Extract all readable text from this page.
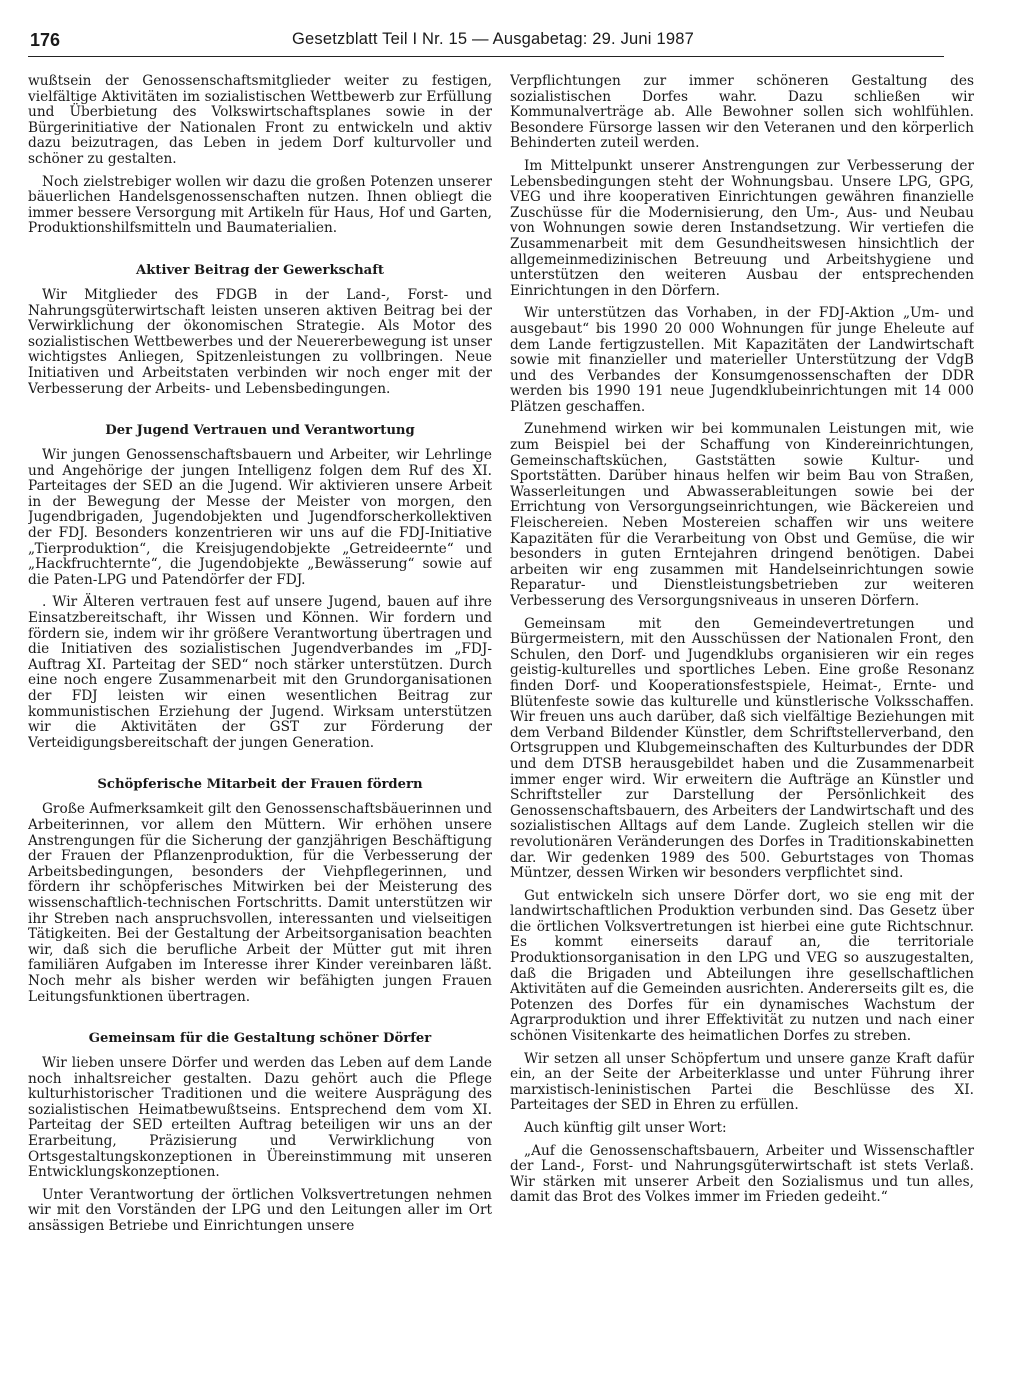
176	Gesetzblatt Teil I Nr. 15 — Ausgabetag: 29. Juni 1987

wußtsein der Genossenschaftsmitglieder weiter zu festigen, vielfältige Aktivitäten im sozialistischen Wettbewerb zur Erfüllung und Überbietung des Volkswirtschaftsplanes sowie in der Bürgerinitiative der Nationalen Front zu entwickeln und aktiv dazu beizutragen, das Leben in jedem Dorf kulturvoller und schöner zu gestalten.

Noch zielstrebiger wollen wir dazu die großen Potenzen unserer bäuerlichen Handelsgenossenschaften nutzen. Ihnen obliegt die immer bessere Versorgung mit Artikeln für Haus, Hof und Garten, Produktionshilfsmitteln und Baumaterialien.

Aktiver Beitrag der Gewerkschaft

Wir Mitglieder des FDGB in der Land-, Forst- und Nahrungsgüterwirtschaft leisten unseren aktiven Beitrag bei der Verwirklichung der ökonomischen Strategie. Als Motor des sozialistischen Wettbewerbes und der Neuererbewegung ist unser wichtigstes Anliegen, Spitzenleistungen zu vollbringen. Neue Initiativen und Arbeitstaten verbinden wir noch enger mit der Verbesserung der Arbeits- und Lebensbedingungen.

Der Jugend Vertrauen und Verantwortung

Wir jungen Genossenschaftsbauern und Arbeiter, wir Lehrlinge und Angehörige der jungen Intelligenz folgen dem Ruf des XI. Parteitages der SED an die Jugend. Wir aktivieren unsere Arbeit in der Bewegung der Messe der Meister von morgen, den Jugendbrigaden, Jugendobjekten und Jugendforscherkollektiven der FDJ. Besonders konzentrieren wir uns auf die FDJ-Initiative „Tierproduktion“, die Kreisjugendobjekte „Getreideernte“ und „Hackfruchternte“, die Jugendobjekte „Bewässerung“ sowie auf die Paten-LPG und Patendörfer der FDJ.

. Wir Älteren vertrauen fest auf unsere Jugend, bauen auf ihre Einsatzbereitschaft, ihr Wissen und Können. Wir fordern und fördern sie, indem wir ihr größere Verantwortung übertragen und die Initiativen des sozialistischen Jugendverbandes im „FDJ-Auftrag XI. Parteitag der SED“ noch stärker unterstützen. Durch eine noch engere Zusammenarbeit mit den Grundorganisationen der FDJ leisten wir einen wesentlichen Beitrag zur kommunistischen Erziehung der Jugend. Wirksam unterstützen wir die Aktivitäten der GST zur Förderung der Verteidigungsbereitschaft der jungen Generation.

Schöpferische Mitarbeit der Frauen fördern

Große Aufmerksamkeit gilt den Genossenschaftsbäuerinnen und Arbeiterinnen, vor allem den Müttern. Wir erhöhen unsere Anstrengungen für die Sicherung der ganzjährigen Beschäftigung der Frauen der Pflanzenproduktion, für die Verbesserung der Arbeitsbedingungen, besonders der Viehpflegerinnen, und fördern ihr schöpferisches Mitwirken bei der Meisterung des wissenschaftlich-technischen Fortschritts. Damit unterstützen wir ihr Streben nach anspruchsvollen, interessanten und vielseitigen Tätigkeiten. Bei der Gestaltung der Arbeitsorganisation beachten wir, daß sich die berufliche Arbeit der Mütter gut mit ihren familiären Aufgaben im Interesse ihrer Kinder vereinbaren läßt. Noch mehr als bisher werden wir befähigten jungen Frauen Leitungsfunktionen übertragen.

Gemeinsam für die Gestaltung schöner Dörfer

Wir lieben unsere Dörfer und werden das Leben auf dem Lande noch inhaltsreicher gestalten. Dazu gehört auch die Pflege kulturhistorischer Traditionen und die weitere Ausprägung des sozialistischen Heimatbewußtseins. Entsprechend dem vom XI. Parteitag der SED erteilten Auftrag beteiligen wir uns an der Erarbeitung, Präzisierung und Verwirklichung von Ortsgestaltungskonzeptionen in Übereinstimmung mit unseren Entwicklungskonzeptionen.

Unter Verantwortung der örtlichen Volksvertretungen nehmen wir mit den Vorständen der LPG und den Leitungen aller im Ort ansässigen Betriebe und Einrichtungen unsere

Verpflichtungen zur immer schöneren Gestaltung des sozialistischen Dorfes wahr. Dazu schließen wir Kommunalverträge ab. Alle Bewohner sollen sich wohlfühlen. Besondere Fürsorge lassen wir den Veteranen und den körperlich Behinderten zuteil werden.

Im Mittelpunkt unserer Anstrengungen zur Verbesserung der Lebensbedingungen steht der Wohnungsbau. Unsere LPG, GPG, VEG und ihre kooperativen Einrichtungen gewähren finanzielle Zuschüsse für die Modernisierung, den Um-, Aus- und Neubau von Wohnungen sowie deren Instandsetzung. Wir vertiefen die Zusammenarbeit mit dem Gesundheitswesen hinsichtlich der allgemeinmedizinischen Betreuung und Arbeitshygiene und unterstützen den weiteren Ausbau der entsprechenden Einrichtungen in den Dörfern.

Wir unterstützen das Vorhaben, in der FDJ-Aktion „Um- und ausgebaut“ bis 1990 20 000 Wohnungen für junge Eheleute auf dem Lande fertigzustellen. Mit Kapazitäten der Landwirtschaft sowie mit finanzieller und materieller Unterstützung der VdgB und des Verbandes der Konsumgenossenschaften der DDR werden bis 1990 191 neue Jugendklubeinrichtungen mit 14 000 Plätzen geschaffen.

Zunehmend wirken wir bei kommunalen Leistungen mit, wie zum Beispiel bei der Schaffung von Kindereinrichtungen, Gemeinschaftsküchen, Gaststätten sowie Kultur- und Sportstätten. Darüber hinaus helfen wir beim Bau von Straßen, Wasserleitungen und Abwasserableitungen sowie bei der Errichtung von Versorgungseinrichtungen, wie Bäckereien und Fleischereien. Neben Mostereien schaffen wir uns weitere Kapazitäten für die Verarbeitung von Obst und Gemüse, die wir besonders in guten Erntejahren dringend benötigen. Dabei arbeiten wir eng zusammen mit Handelseinrichtungen sowie Reparatur- und Dienstleistungsbetrieben zur weiteren Verbesserung des Versorgungsniveaus in unseren Dörfern.

Gemeinsam mit den Gemeindevertretungen und Bürgermeistern, mit den Ausschüssen der Nationalen Front, den Schulen, den Dorf- und Jugendklubs organisieren wir ein reges geistig-kulturelles und sportliches Leben. Eine große Resonanz finden Dorf- und Kooperationsfestspiele, Heimat-, Ernte- und Blütenfeste sowie das kulturelle und künstlerische Volksschaffen. Wir freuen uns auch darüber, daß sich vielfältige Beziehungen mit dem Verband Bildender Künstler, dem Schriftstellerverband, den Ortsgruppen und Klubgemeinschaften des Kulturbundes der DDR und dem DTSB herausgebildet haben und die Zusammenarbeit immer enger wird. Wir erweitern die Aufträge an Künstler und Schriftsteller zur Darstellung der Persönlichkeit des Genossenschaftsbauern, des Arbeiters der Landwirtschaft und des sozialistischen Alltags auf dem Lande. Zugleich stellen wir die revolutionären Veränderungen des Dorfes in Traditionskabinetten dar. Wir gedenken 1989 des 500. Geburtstages von Thomas Müntzer, dessen Wirken wir besonders verpflichtet sind.

Gut entwickeln sich unsere Dörfer dort, wo sie eng mit der landwirtschaftlichen Produktion verbunden sind. Das Gesetz über die örtlichen Volksvertretungen ist hierbei eine gute Richtschnur. Es kommt einerseits darauf an, die territoriale Produktionsorganisation in den LPG und VEG so auszugestalten, daß die Brigaden und Abteilungen ihre gesellschaftlichen Aktivitäten auf die Gemeinden ausrichten. Andererseits gilt es, die Potenzen des Dorfes für ein dynamisches Wachstum der Agrarproduktion und ihrer Effektivität zu nutzen und nach einer schönen Visitenkarte des heimatlichen Dorfes zu streben.

Wir setzen all unser Schöpfertum und unsere ganze Kraft dafür ein, an der Seite der Arbeiterklasse und unter Führung ihrer marxistisch-leninistischen Partei die Beschlüsse des XI. Parteitages der SED in Ehren zu erfüllen.

Auch künftig gilt unser Wort:

„Auf die Genossenschaftsbauern, Arbeiter und Wissenschaftler der Land-, Forst- und Nahrungsgüterwirtschaft ist stets Verlaß. Wir stärken mit unserer Arbeit den Sozialismus und tun alles, damit das Brot des Volkes immer im Frieden gedeiht.“
